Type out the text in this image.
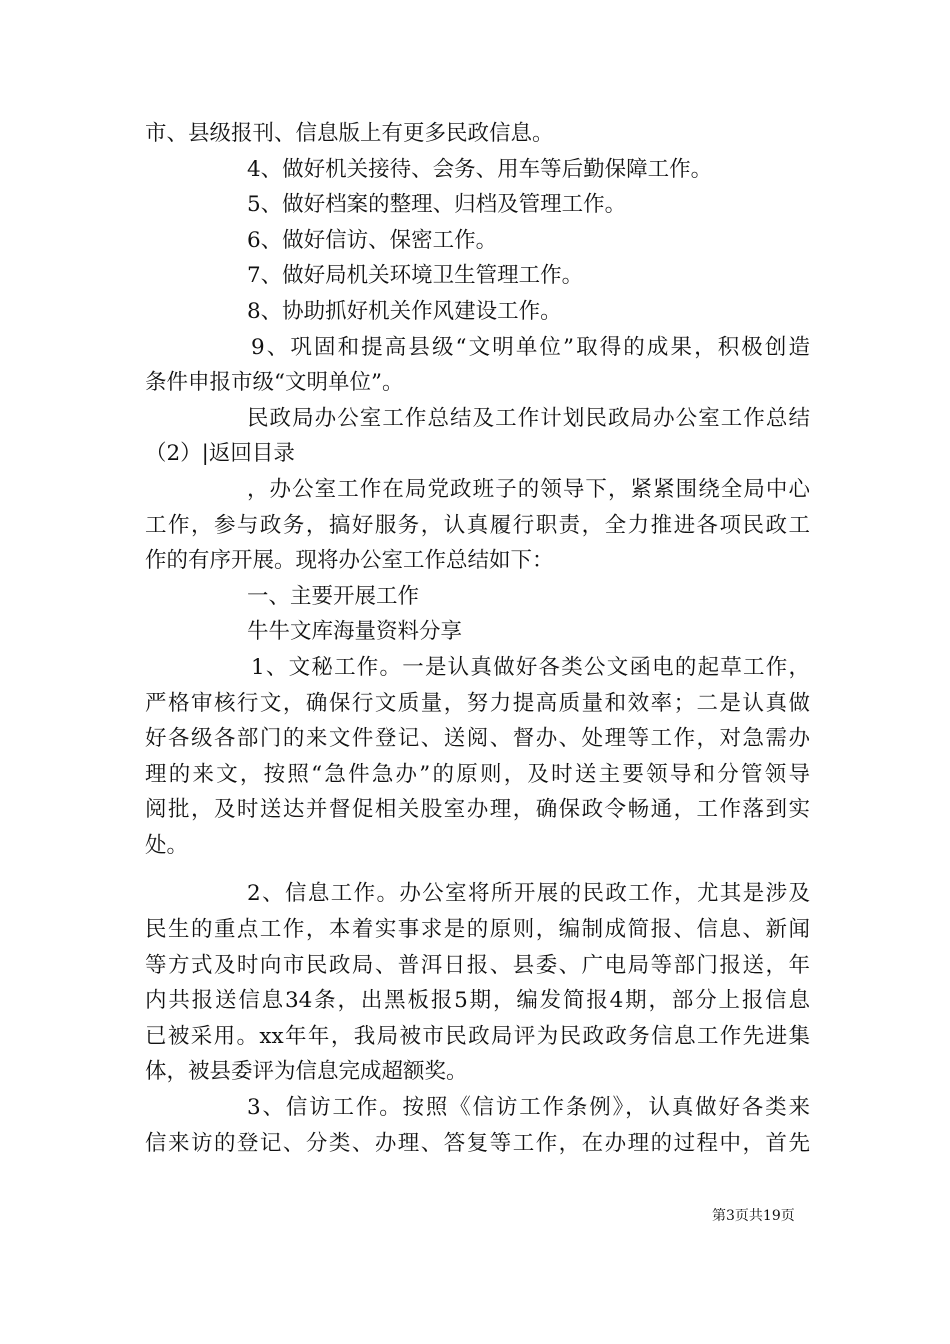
市、县级报刊、信息版上有更多民政信息。
4、做好机关接待、会务、用车等后勤保障工作。
5、做好档案的整理、归档及管理工作。
6、做好信访、保密工作。
7、做好局机关环境卫生管理工作。
8、协助抓好机关作风建设工作。
9、巩固和提高县级“文明单位”取得的成果，积极创造
条件申报市级“文明单位”。
民政局办公室工作总结及工作计划民政局办公室工作总结
（2）|返回目录
，办公室工作在局党政班子的领导下，紧紧围绕全局中心
工作，参与政务，搞好服务，认真履行职责，全力推进各项民政工
作的有序开展。现将办公室工作总结如下：
一、主要开展工作
牛牛文库海量资料分享
1、文秘工作。一是认真做好各类公文函电的起草工作，
严格审核行文，确保行文质量，努力提高质量和效率；二是认真做
好各级各部门的来文件登记、送阅、督办、处理等工作，对急需办
理的来文，按照“急件急办”的原则，及时送主要领导和分管领导
阅批，及时送达并督促相关股室办理，确保政令畅通，工作落到实
处。
2、信息工作。办公室将所开展的民政工作，尤其是涉及
民生的重点工作，本着实事求是的原则，编制成简报、信息、新闻
等方式及时向市民政局、普洱日报、县委、广电局等部门报送，年
内共报送信息34条，出黑板报5期，编发简报4期，部分上报信息
已被采用。xx年年，我局被市民政局评为民政政务信息工作先进集
体，被县委评为信息完成超额奖。
3、信访工作。按照《信访工作条例》，认真做好各类来
信来访的登记、分类、办理、答复等工作，在办理的过程中，首先
第3页共19页
